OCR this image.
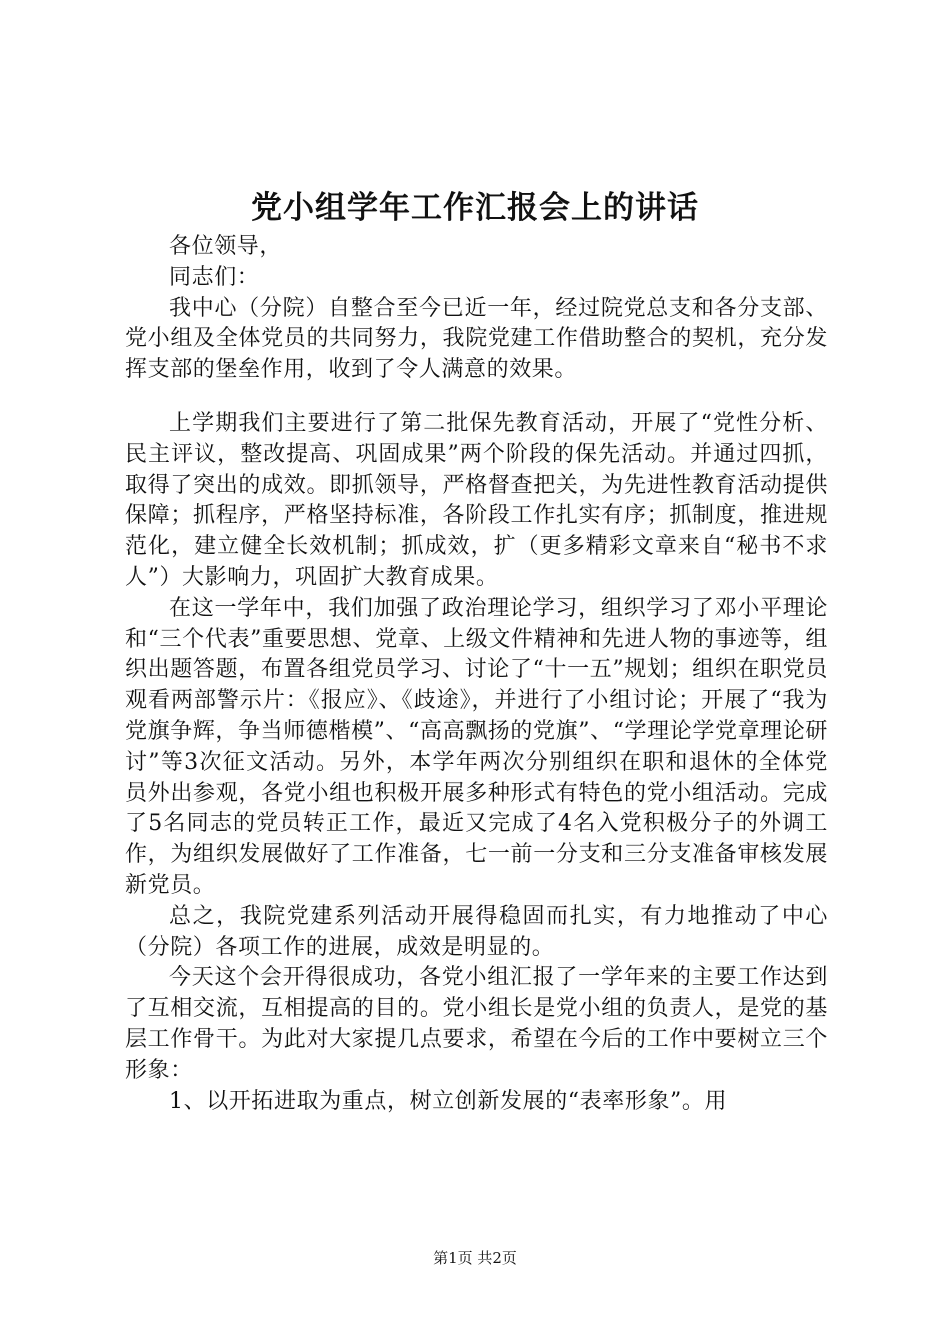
党小组学年工作汇报会上的讲话

各位领导，

同志们：

我中心（分院）自整合至今已近一年，经过院党总支和各分支部、党小组及全体党员的共同努力，我院党建工作借助整合的契机，充分发挥支部的堡垒作用，收到了令人满意的效果。

上学期我们主要进行了第二批保先教育活动，开展了“党性分析、民主评议，整改提高、巩固成果”两个阶段的保先活动。并通过四抓，取得了突出的成效。即抓领导，严格督查把关，为先进性教育活动提供保障；抓程序，严格坚持标准，各阶段工作扎实有序；抓制度，推进规范化，建立健全长效机制；抓成效，扩（更多精彩文章来自“秘书不求人”）大影响力，巩固扩大教育成果。

在这一学年中，我们加强了政治理论学习，组织学习了邓小平理论和“三个代表”重要思想、党章、上级文件精神和先进人物的事迹等，组织出题答题，布置各组党员学习、讨论了“十一五”规划；组织在职党员观看两部警示片：《报应》、《歧途》，并进行了小组讨论；开展了“我为党旗争辉，争当师德楷模”、“高高飘扬的党旗”、“学理论学党章理论研讨”等3次征文活动。另外，本学年两次分别组织在职和退休的全体党员外出参观，各党小组也积极开展多种形式有特色的党小组活动。完成了5名同志的党员转正工作，最近又完成了4名入党积极分子的外调工作，为组织发展做好了工作准备，七一前一分支和三分支准备审核发展新党员。

总之，我院党建系列活动开展得稳固而扎实，有力地推动了中心（分院）各项工作的进展，成效是明显的。

今天这个会开得很成功，各党小组汇报了一学年来的主要工作达到了互相交流，互相提高的目的。党小组长是党小组的负责人，是党的基层工作骨干。为此对大家提几点要求，希望在今后的工作中要树立三个形象：

1、以开拓进取为重点，树立创新发展的“表率形象”。用

第1页 共2页
